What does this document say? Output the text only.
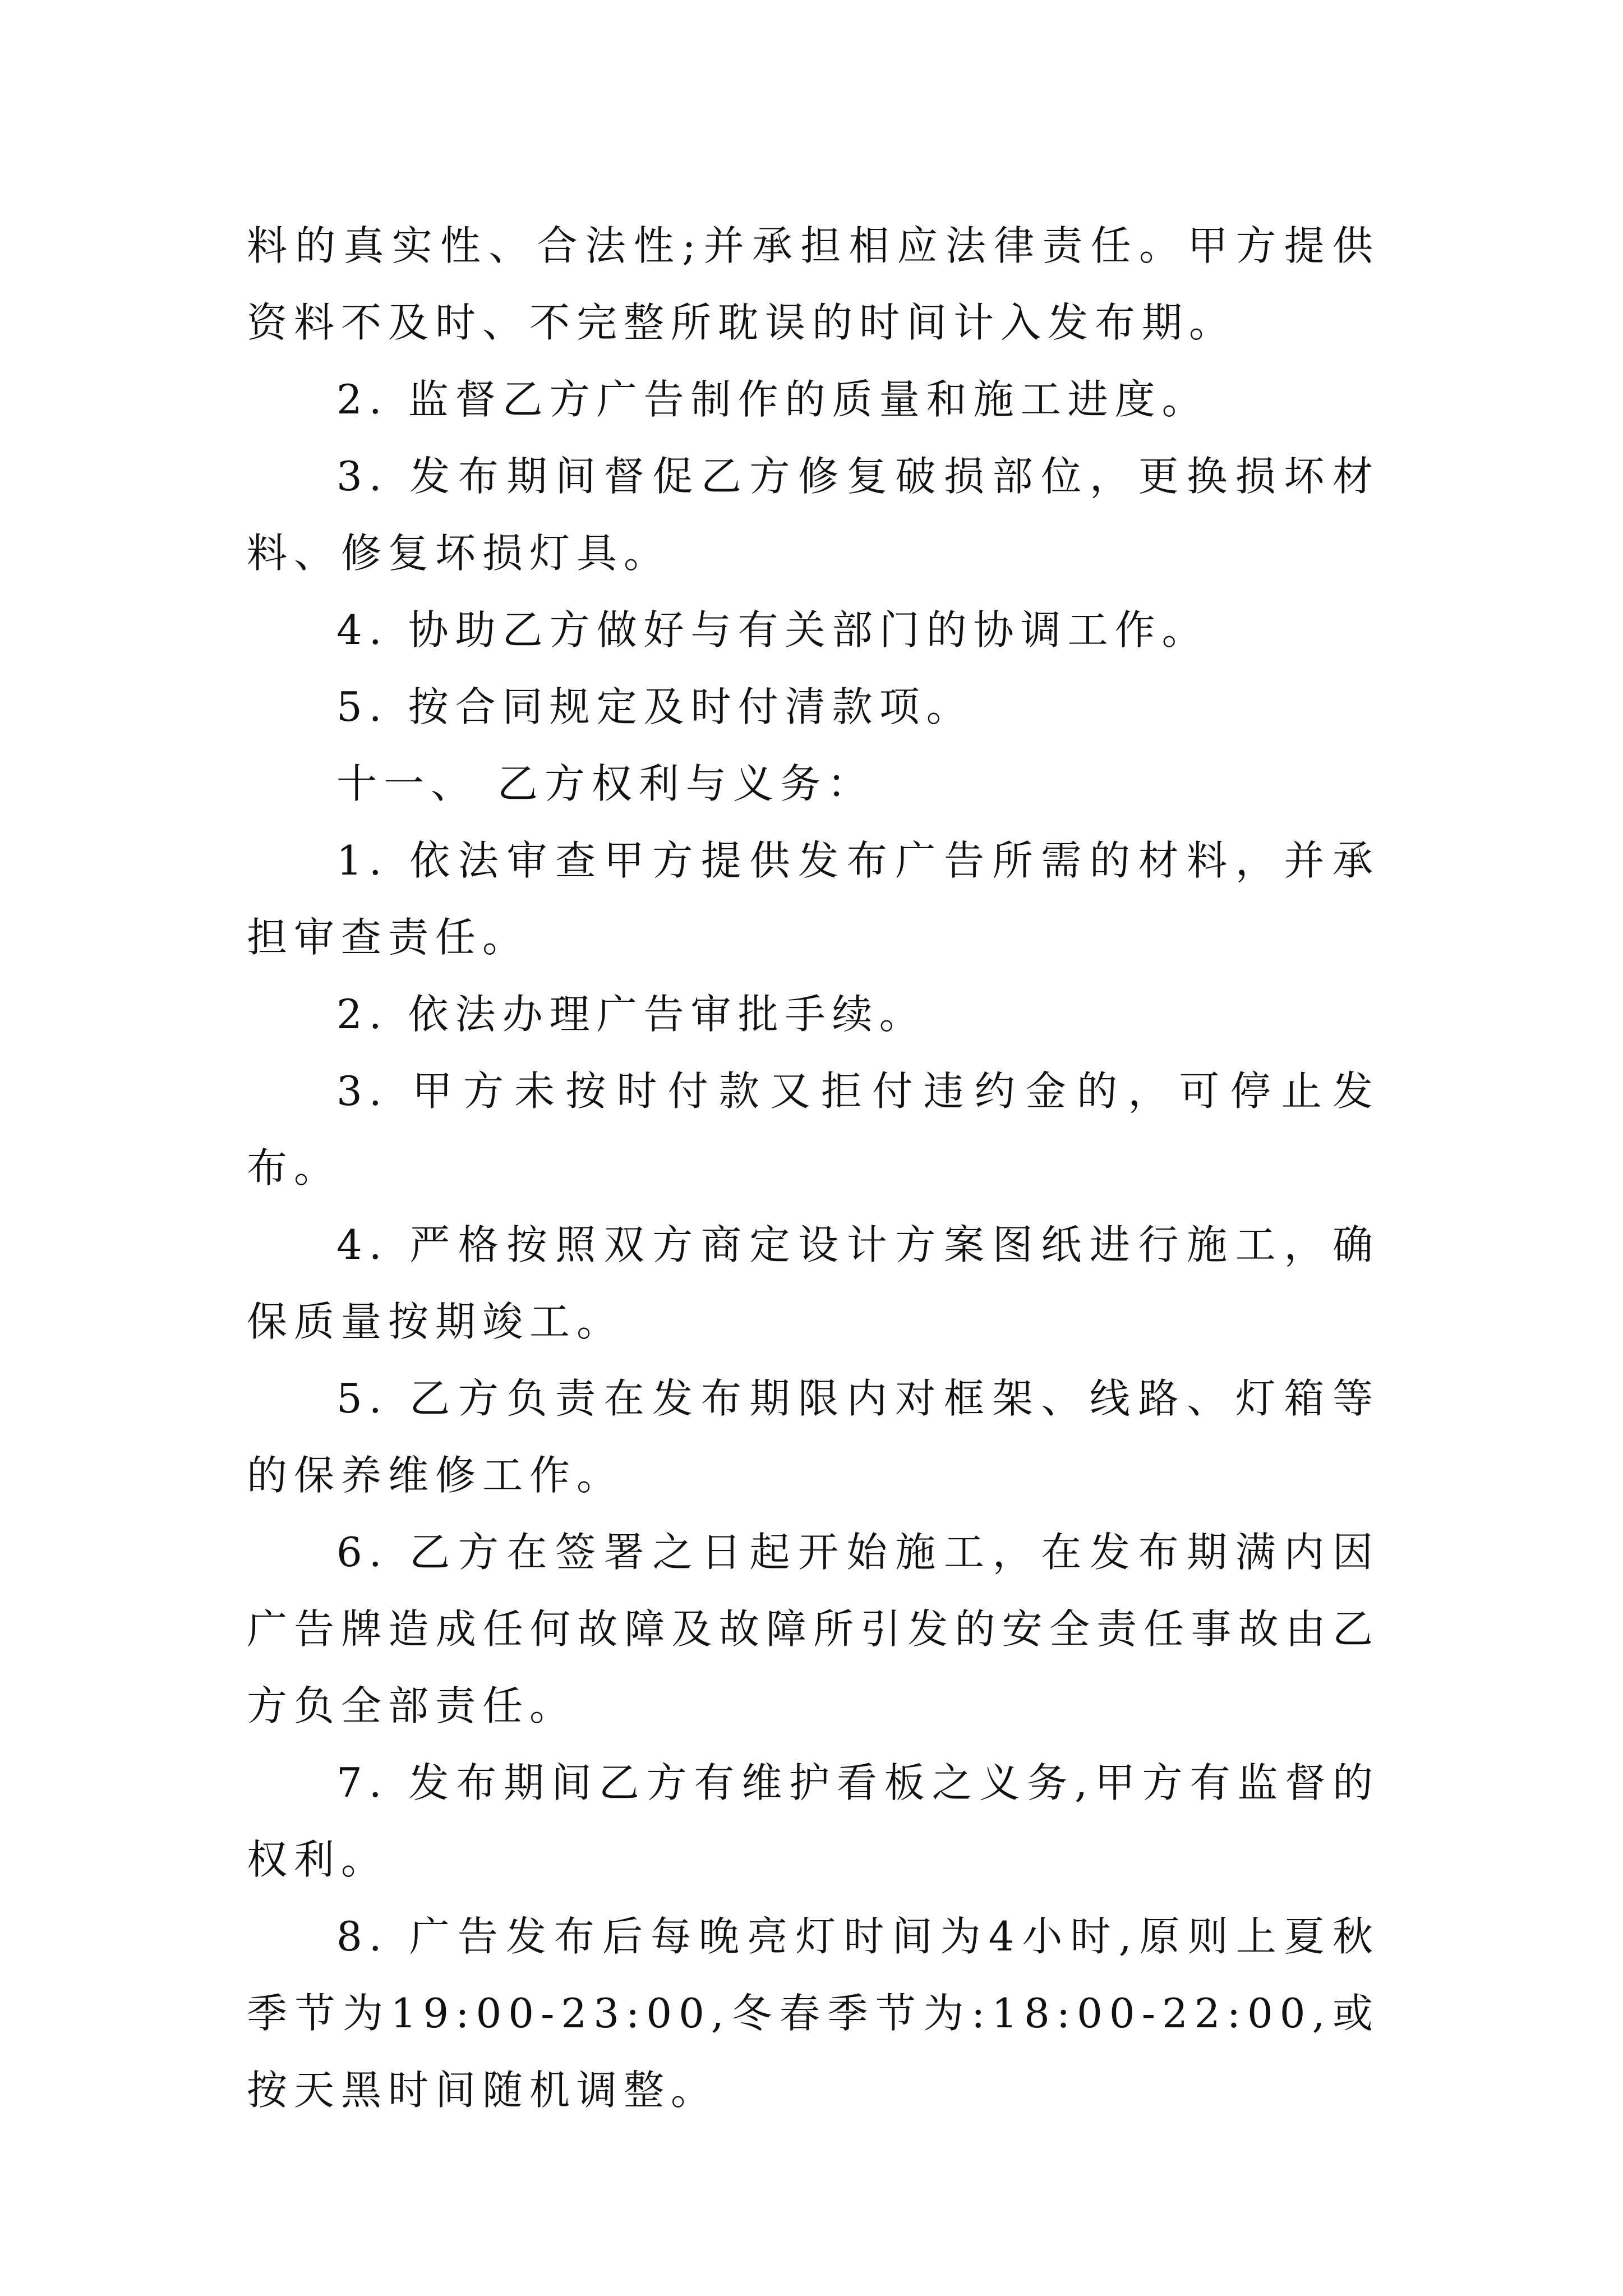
料的真实性、合法性;并承担相应法律责任。甲方提供资料不及时、不完整所耽误的时间计入发布期。

2. 监督乙方广告制作的质量和施工进度。

3. 发布期间督促乙方修复破损部位，更换损坏材料、修复坏损灯具。

4. 协助乙方做好与有关部门的协调工作。

5. 按合同规定及时付清款项。

十一、 乙方权利与义务：

1. 依法审查甲方提供发布广告所需的材料，并承担审查责任。

2. 依法办理广告审批手续。

3. 甲方未按时付款又拒付违约金的，可停止发布。

4. 严格按照双方商定设计方案图纸进行施工，确保质量按期竣工。

5. 乙方负责在发布期限内对框架、线路、灯箱等的保养维修工作。

6. 乙方在签署之日起开始施工，在发布期满内因广告牌造成任何故障及故障所引发的安全责任事故由乙方负全部责任。

7. 发布期间乙方有维护看板之义务,甲方有监督的权利。

8. 广告发布后每晚亮灯时间为4小时,原则上夏秋季节为19:00-23:00,冬春季节为:18:00-22:00,或按天黑时间随机调整。
